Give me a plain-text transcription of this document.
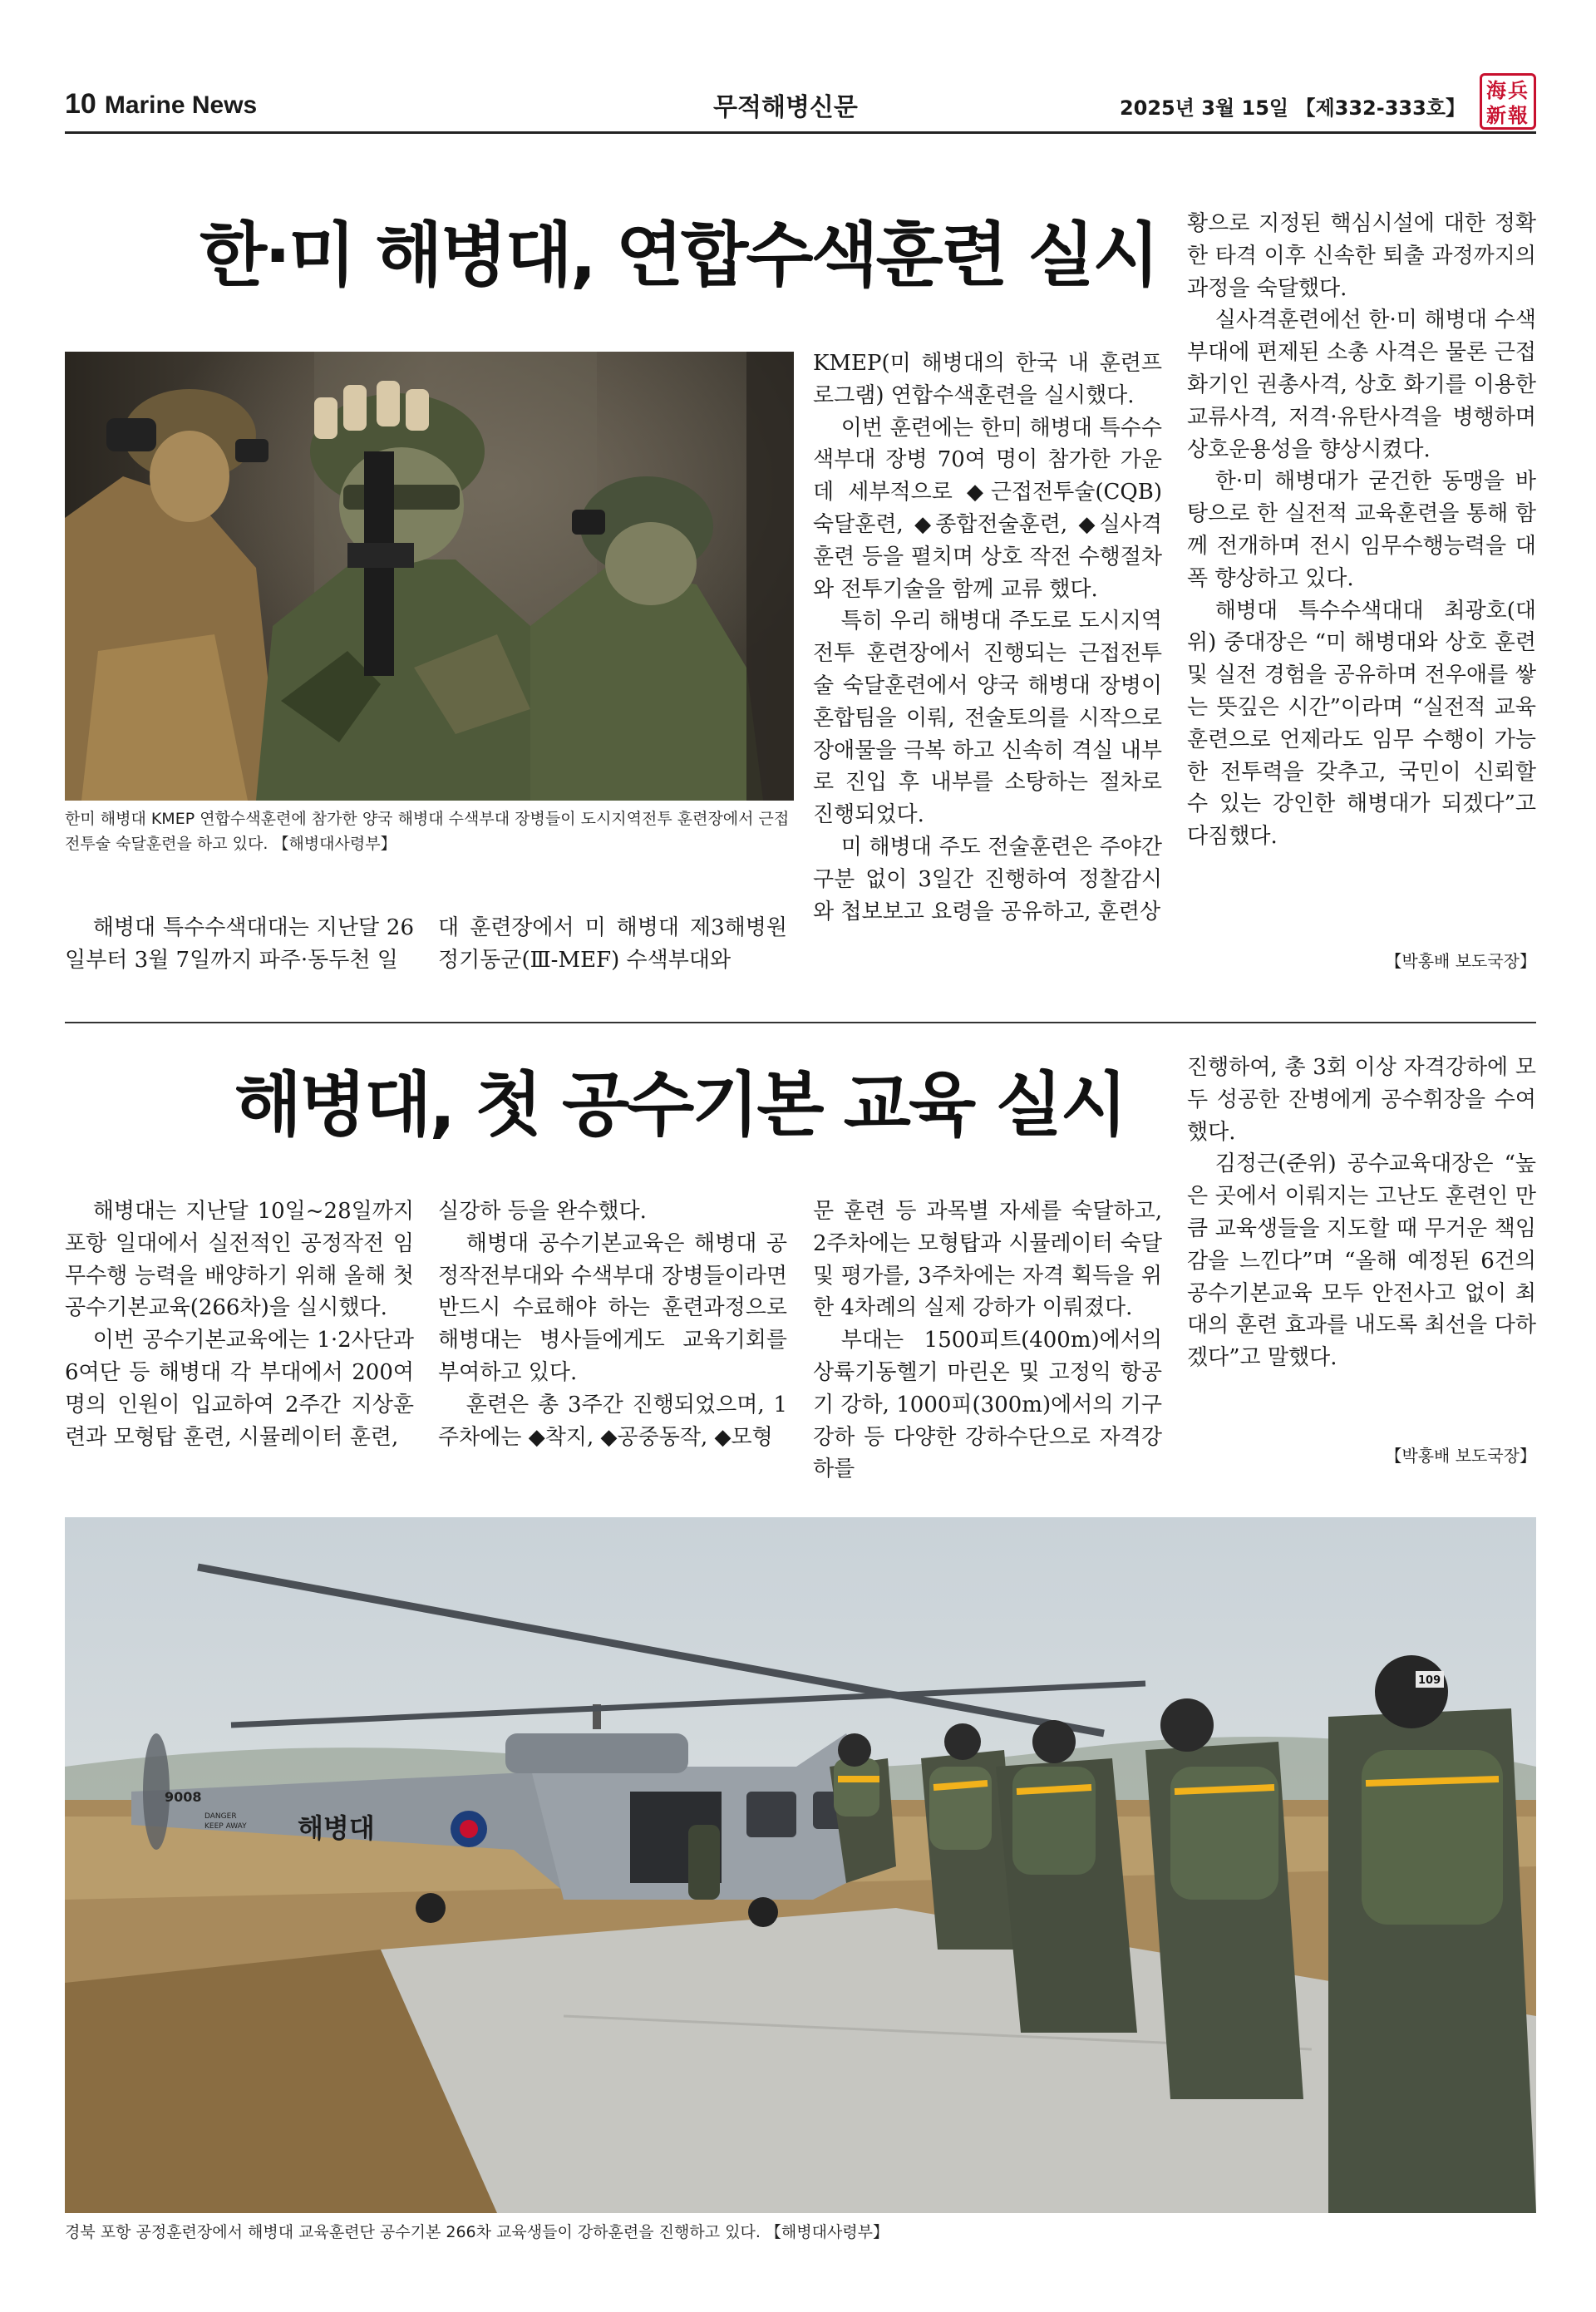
10 Marine News	무적해병신문	2025년 3월 15일 【제332-333호】
海兵
新報
한·미 해병대, 연합수색훈련 실시
한미 해병대 KMEP 연합수색훈련에 참가한 양국 해병대 수색부대 장병들이 도시지역전투 훈련장에서 근접전투술 숙달훈련을 하고 있다. 【해병대사령부】

해병대 특수수색대대는 지난달 26일부터 3월 7일까지 파주·동두천 일

대 훈련장에서 미 해병대 제3해병원정기동군(Ⅲ-MEF) 수색부대와

KMEP(미 해병대의 한국 내 훈련프로그램) 연합수색훈련을 실시했다.

이번 훈련에는 한미 해병대 특수수색부대 장병 70여 명이 참가한 가운데 세부적으로 ◆근접전투술(CQB) 숙달훈련, ◆종합전술훈련, ◆실사격훈련 등을 펼치며 상호 작전 수행절차와 전투기술을 함께 교류 했다.

특히 우리 해병대 주도로 도시지역전투 훈련장에서 진행되는 근접전투술 숙달훈련에서 양국 해병대 장병이 혼합팀을 이뤄, 전술토의를 시작으로 장애물을 극복 하고 신속히 격실 내부로 진입 후 내부를 소탕하는 절차로 진행되었다.

미 해병대 주도 전술훈련은 주야간 구분 없이 3일간 진행하여 정찰감시와 첩보보고 요령을 공유하고, 훈련상

황으로 지정된 핵심시설에 대한 정확한 타격 이후 신속한 퇴출 과정까지의 과정을 숙달했다.

실사격훈련에선 한·미 해병대 수색부대에 편제된 소총 사격은 물론 근접화기인 권총사격, 상호 화기를 이용한 교류사격, 저격·유탄사격을 병행하며 상호운용성을 향상시켰다.

한·미 해병대가 굳건한 동맹을 바탕으로 한 실전적 교육훈련을 통해 함께 전개하며 전시 임무수행능력을 대폭 향상하고 있다.

해병대 특수수색대대 최광호(대위) 중대장은 “미 해병대와 상호 훈련 및 실전 경험을 공유하며 전우애를 쌓는 뜻깊은 시간”이라며 “실전적 교육훈련으로 언제라도 임무 수행이 가능한 전투력을 갖추고, 국민이 신뢰할 수 있는 강인한 해병대가 되겠다”고 다짐했다.

【박홍배 보도국장】
해병대, 첫 공수기본 교육 실시

해병대는 지난달 10일~28일까지 포항 일대에서 실전적인 공정작전 임무수행 능력을 배양하기 위해 올해 첫 공수기본교육(266차)을 실시했다.

이번 공수기본교육에는 1·2사단과 6여단 등 해병대 각 부대에서 200여 명의 인원이 입교하여 2주간 지상훈련과 모형탑 훈련, 시뮬레이터 훈련,

실강하 등을 완수했다.

해병대 공수기본교육은 해병대 공정작전부대와 수색부대 장병들이라면 반드시 수료해야 하는 훈련과정으로 해병대는 병사들에게도 교육기회를 부여하고 있다.

훈련은 총 3주간 진행되었으며, 1주차에는 ◆착지, ◆공중동작, ◆모형

문 훈련 등 과목별 자세를 숙달하고, 2주차에는 모형탑과 시뮬레이터 숙달 및 평가를, 3주차에는 자격 획득을 위한 4차례의 실제 강하가 이뤄졌다.

부대는 1500피트(400m)에서의 상륙기동헬기 마린온 및 고정익 항공기 강하, 1000피(300m)에서의 기구강하 등 다양한 강하수단으로 자격강하를

진행하여, 총 3회 이상 자격강하에 모두 성공한 잔병에게 공수휘장을 수여했다.

김정근(준위) 공수교육대장은 “높은 곳에서 이뤄지는 고난도 훈련인 만큼 교육생들을 지도할 때 무거운 책임감을 느낀다”며 “올해 예정된 6건의 공수기본교육 모두 안전사고 없이 최대의 훈련 효과를 내도록 최선을 다하겠다”고 말했다.

【박홍배 보도국장】
9008
해병대
DANGER
KEEP AWAY
109
경북 포항 공정훈련장에서 해병대 교육훈련단 공수기본 266차 교육생들이 강하훈련을 진행하고 있다. 【해병대사령부】
